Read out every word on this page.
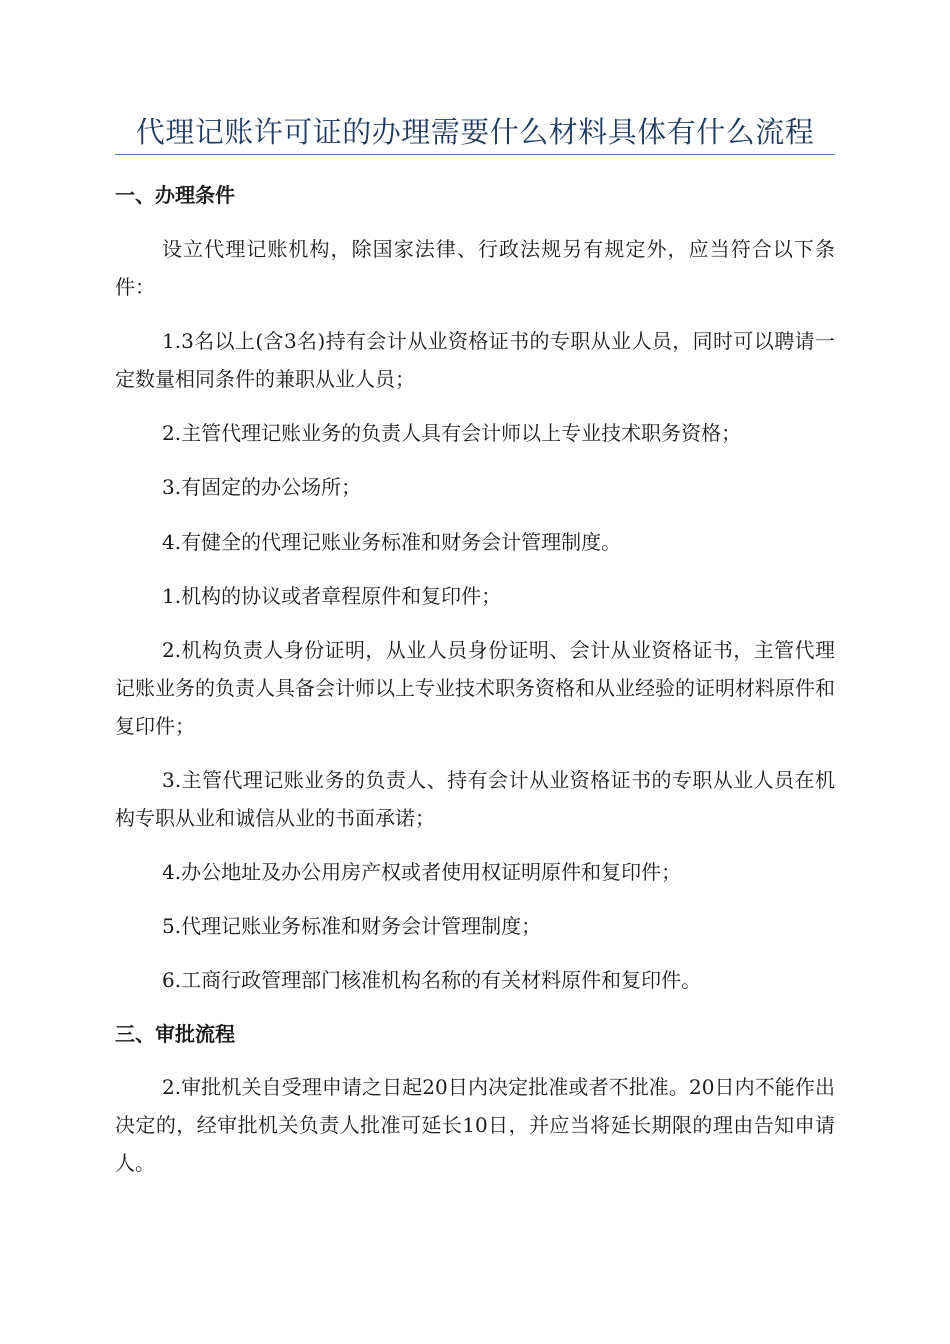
代理记账许可证的办理需要什么材料具体有什么流程
一、办理条件

设立代理记账机构，除国家法律、行政法规另有规定外，应当符合以下条件：

1.3名以上(含3名)持有会计从业资格证书的专职从业人员，同时可以聘请一定数量相同条件的兼职从业人员；

2.主管代理记账业务的负责人具有会计师以上专业技术职务资格；

3.有固定的办公场所；

4.有健全的代理记账业务标准和财务会计管理制度。

1.机构的协议或者章程原件和复印件；

2.机构负责人身份证明，从业人员身份证明、会计从业资格证书，主管代理记账业务的负责人具备会计师以上专业技术职务资格和从业经验的证明材料原件和复印件；

3.主管代理记账业务的负责人、持有会计从业资格证书的专职从业人员在机构专职从业和诚信从业的书面承诺；

4.办公地址及办公用房产权或者使用权证明原件和复印件；

5.代理记账业务标准和财务会计管理制度；

6.工商行政管理部门核准机构名称的有关材料原件和复印件。

三、审批流程

2.审批机关自受理申请之日起20日内决定批准或者不批准。20日内不能作出决定的，经审批机关负责人批准可延长10日，并应当将延长期限的理由告知申请人。
